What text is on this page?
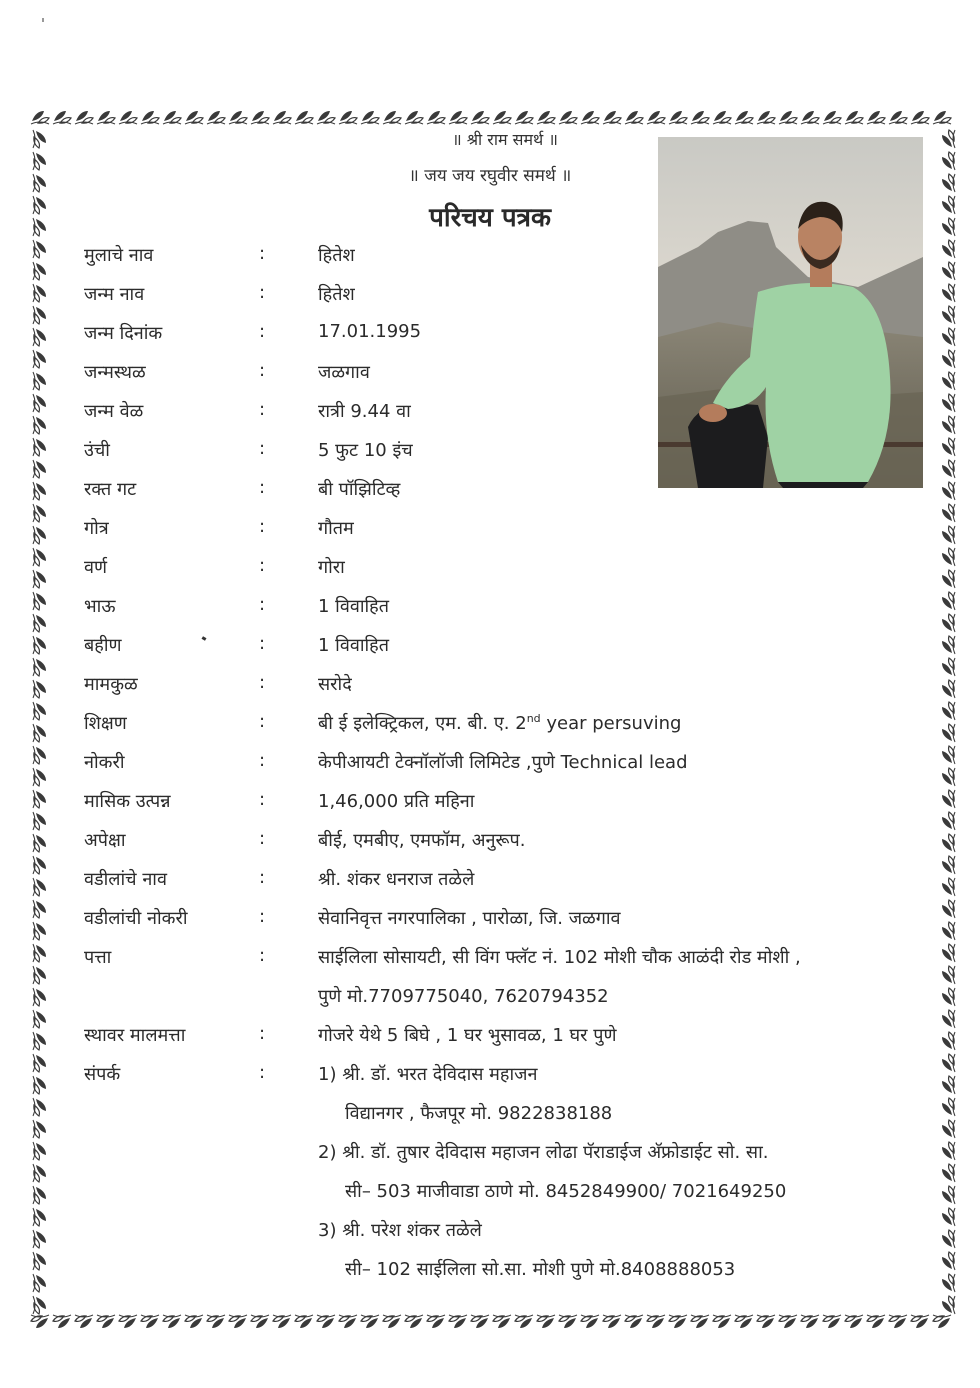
॥ श्री राम समर्थ ॥
॥ जय जय रघुवीर समर्थ ॥
परिचय पत्रक
मुलाचे नाव	:	हितेश
जन्म नाव	:	हितेश
जन्म दिनांक	:	17.01.1995
जन्मस्थळ	:	जळगाव
जन्म वेळ	:	रात्री 9.44 वा
उंची	:	5 फुट 10 इंच
रक्त गट	:	बी पॉझिटिव्ह
गोत्र	:	गौतम
वर्ण	:	गोरा
भाऊ	:	1 विवाहित
बहीण	:	1 विवाहित
मामकुळ	:	सरोदे
शिक्षण	:	बी ई इलेक्ट्रिकल, एम. बी. ए. 2nd year persuving
नोकरी	:	केपीआयटी टेक्नॉलॉजी लिमिटेड ,पुणे Technical lead
मासिक उत्पन्न	:	1,46,000 प्रति महिना
अपेक्षा	:	बीई, एमबीए, एमफॉम, अनुरूप.
वडीलांचे नाव	:	श्री. शंकर धनराज तळेले
वडीलांची नोकरी	:	सेवानिवृत्त नगरपालिका , पारोळा, जि. जळगाव
पत्ता	:	साईलिला सोसायटी, सी विंग फ्लॅट नं. 102 मोशी चौक आळंदी रोड मोशी ,
पुणे मो.7709775040, 7620794352
स्थावर मालमत्ता	:	गोजरे येथे 5 बिघे , 1 घर भुसावळ, 1 घर पुणे
संपर्क	:	1) श्री. डॉ. भरत देविदास महाजन
विद्यानगर , फैजपूर मो. 9822838188
2) श्री. डॉ. तुषार देविदास महाजन लोढा पॅराडाईज अ‍ॅफ्रोडाईट सो. सा.
सी– 503 माजीवाडा ठाणे मो. 8452849900/ 7021649250
3) श्री. परेश शंकर तळेले
सी– 102 साईलिला सो.सा. मोशी पुणे मो.8408888053
